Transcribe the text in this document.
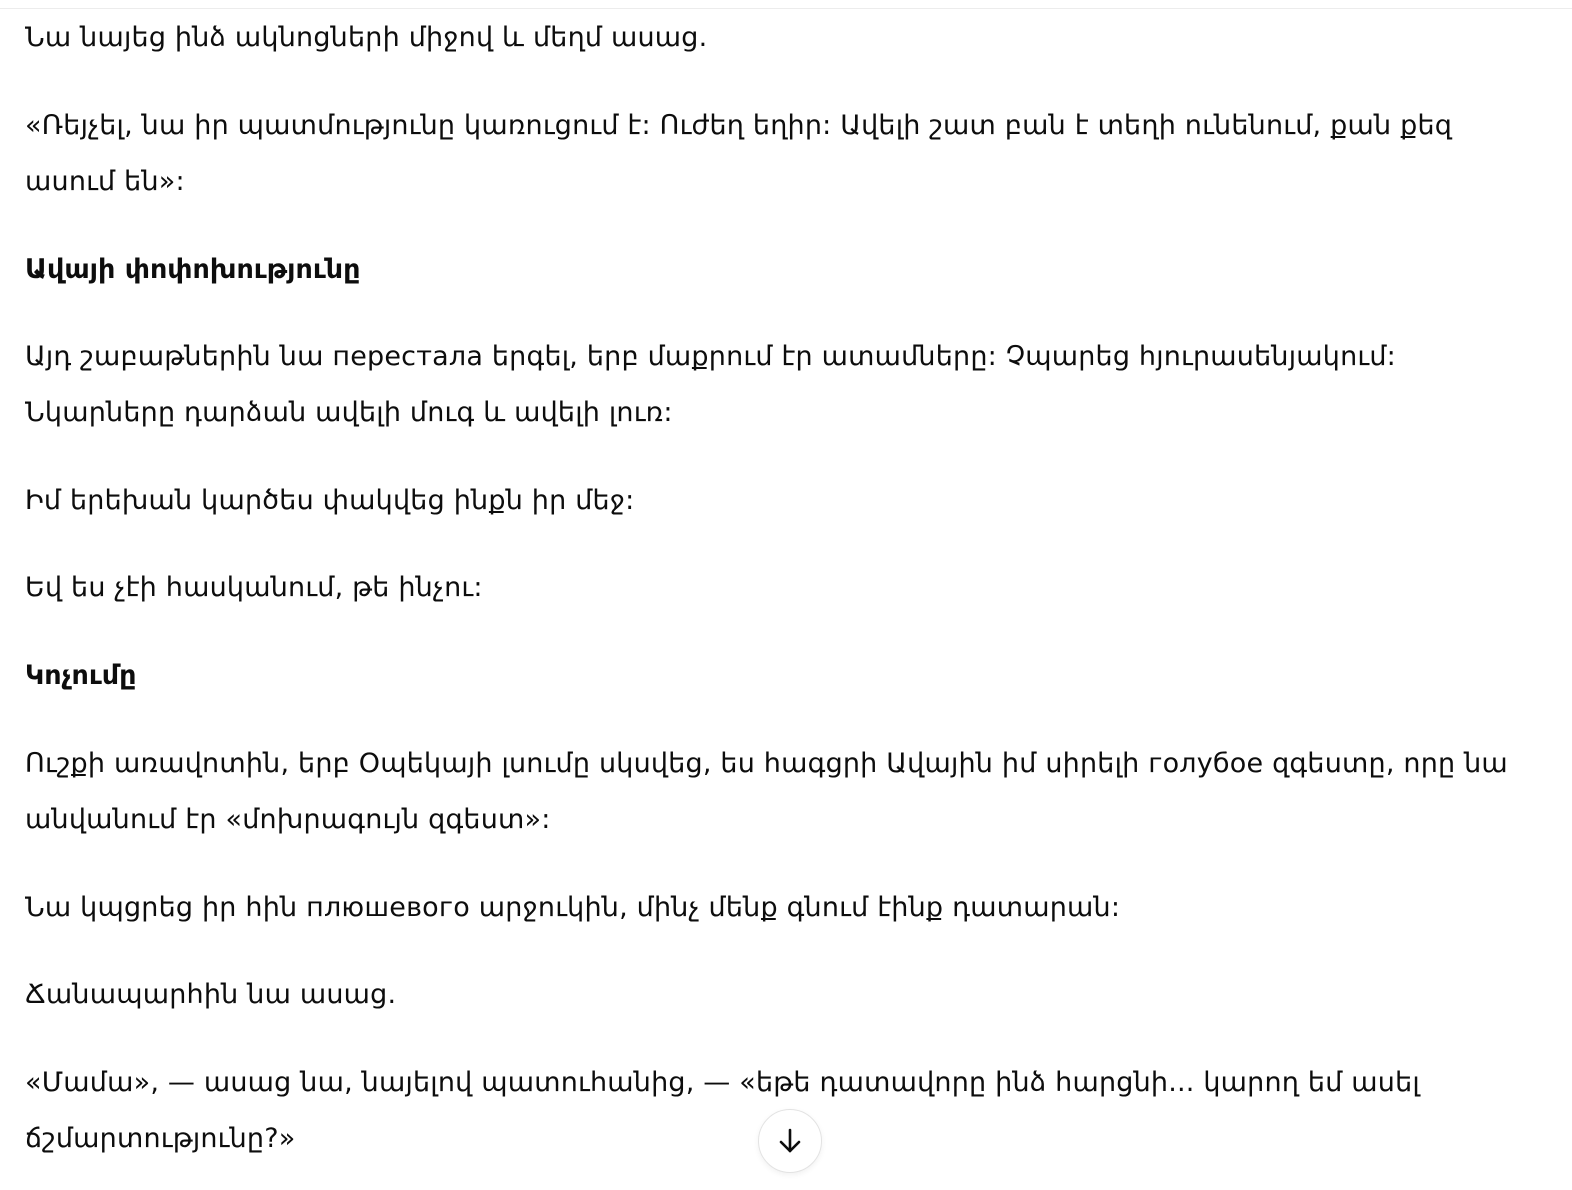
Նա նայեց ինձ ակնոցների միջով և մեղմ ասաց.

«Ռեյչել, նա իր պատմությունը կառուցում է: Ուժեղ եղիր: Ավելի շատ բան է տեղի ունենում, քան քեզ ասում են»:

Ավայի փոփոխությունը

Այդ շաբաթներին նա перестала երգել, երբ մաքրում էր ատամները: Չպարեց հյուրասենյակում: Նկարները դարձան ավելի մուգ և ավելի լուռ:

Իմ երեխան կարծես փակվեց ինքն իր մեջ:

Եվ ես չէի հասկանում, թե ինչու:

Կոչումը

Ուշքի առավոտին, երբ Օպեկայի լսումը սկսվեց, ես հագցրի Ավային իմ սիրելի голубое զգեստը, որը նա անվանում էր «մոխրագույն զգեստ»:

Նա կպցրեց իր հին плюшевого արջուկին, մինչ մենք գնում էինք դատարան:

Ճանապարհին նա ասաց.

«Մամա», — ասաց նա, նայելով պատուհանից, — «եթե դատավորը ինձ հարցնի... կարող եմ ասել ճշմարտությունը?»
